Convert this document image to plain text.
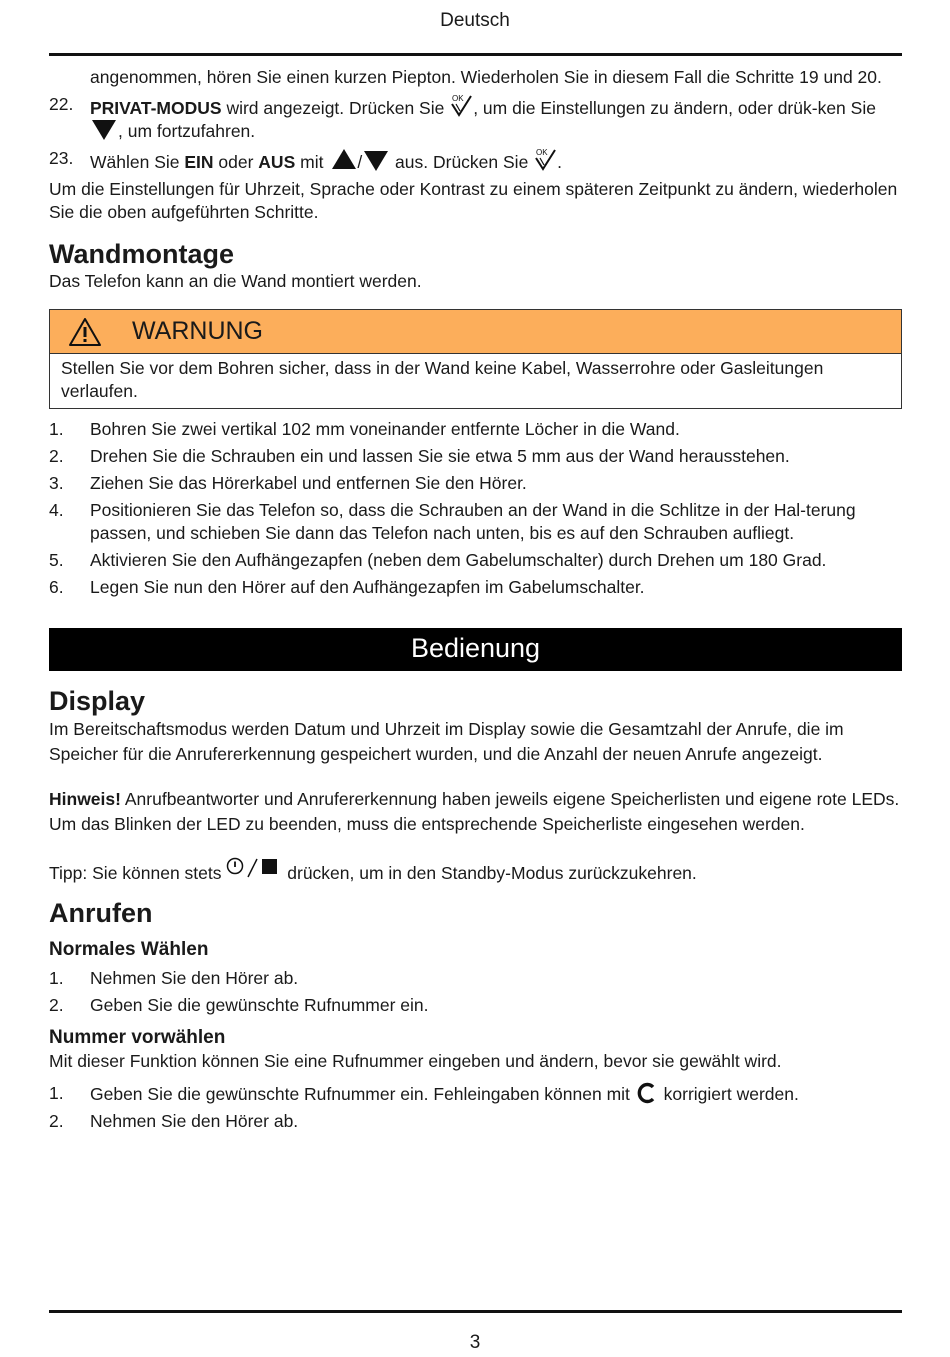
Deutsch

angenommen, hören Sie einen kurzen Piepton. Wiederholen Sie in diesem Fall die Schritte 19 und 20.

22. PRIVAT-MODUS wird angezeigt. Drücken Sie OK , um die Einstellungen zu ändern, oder drük-ken Sie , um fortzufahren.
23. Wählen Sie EIN oder AUS mit / aus. Drücken Sie OK .

Um die Einstellungen für Uhrzeit, Sprache oder Kontrast zu einem späteren Zeitpunkt zu ändern, wiederholen Sie die oben aufgeführten Schritte.

Wandmontage

Das Telefon kann an die Wand montiert werden.

WARNUNG
Stellen Sie vor dem Bohren sicher, dass in der Wand keine Kabel, Wasserrohre oder Gasleitungen verlaufen.
1.	Bohren Sie zwei vertikal 102 mm voneinander entfernte Löcher in die Wand.
2.	Drehen Sie die Schrauben ein und lassen Sie sie etwa 5 mm aus der Wand herausstehen.
3.	Ziehen Sie das Hörerkabel und entfernen Sie den Hörer.
4.	Positionieren Sie das Telefon so, dass die Schrauben an der Wand in die Schlitze in der Hal-terung passen, und schieben Sie dann das Telefon nach unten, bis es auf den Schrauben aufliegt.
5.	Aktivieren Sie den Aufhängezapfen (neben dem Gabelumschalter) durch Drehen um 180 Grad.
6.	Legen Sie nun den Hörer auf den Aufhängezapfen im Gabelumschalter.
Bedienung
Display

Im Bereitschaftsmodus werden Datum und Uhrzeit im Display sowie die Gesamtzahl der Anrufe, die im Speicher für die Anrufererkennung gespeichert wurden, und die Anzahl der neuen Anrufe angezeigt.

Hinweis! Anrufbeantworter und Anrufererkennung haben jeweils eigene Speicherlisten und eigene rote LEDs. Um das Blinken der LED zu beenden, muss die entsprechende Speicherliste eingesehen werden.

Tipp: Sie können stets	drücken, um in den Standby-Modus zurückzukehren.

Anrufen
Normales Wählen
1.	Nehmen Sie den Hörer ab.
2.	Geben Sie die gewünschte Rufnummer ein.
Nummer vorwählen

Mit dieser Funktion können Sie eine Rufnummer eingeben und ändern, bevor sie gewählt wird.

1.	Geben Sie die gewünschte Rufnummer ein. Fehleingaben können mit  korrigiert werden.
2.	Nehmen Sie den Hörer ab.
3
